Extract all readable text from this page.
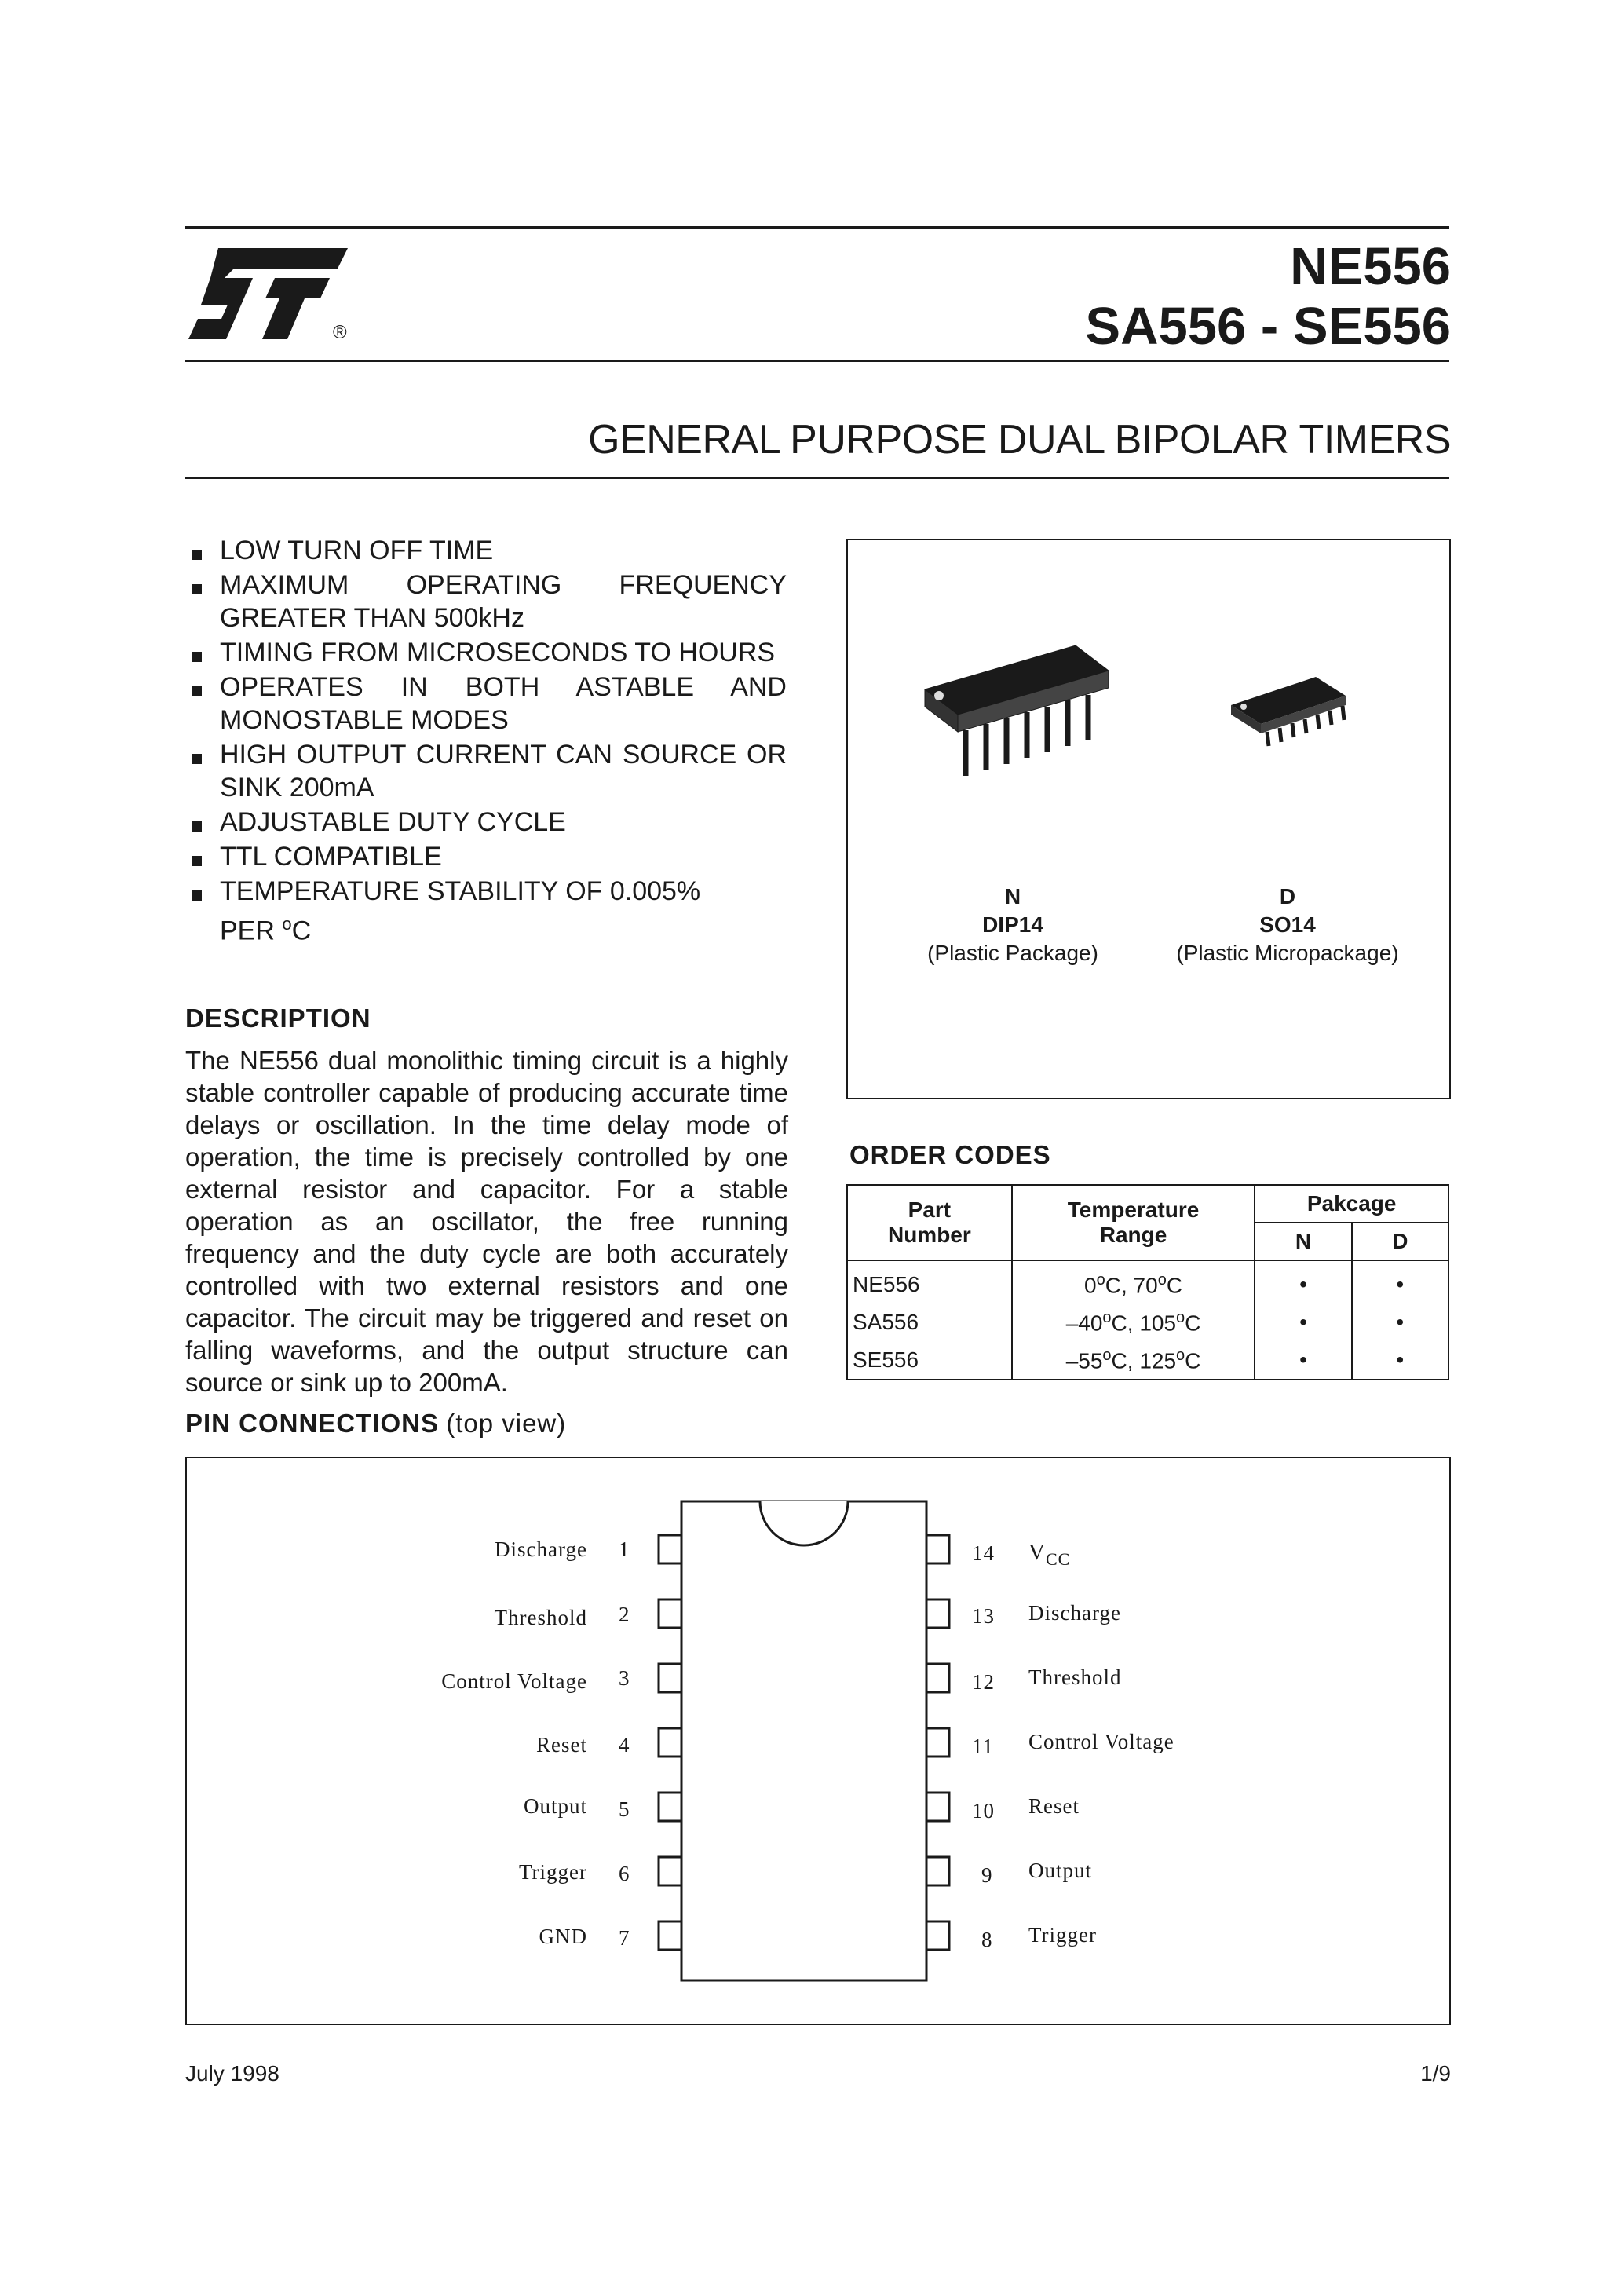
®
NE556
SA556 - SE556
GENERAL PURPOSE DUAL BIPOLAR TIMERS
LOW TURN OFF TIME
MAXIMUM OPERATING FREQUENCY GREATER THAN 500kHz
TIMING FROM MICROSECONDS TO HOURS
OPERATES IN BOTH ASTABLE AND MONOSTABLE MODES
HIGH OUTPUT CURRENT CAN SOURCE OR SINK 200mA
ADJUSTABLE DUTY CYCLE
TTL COMPATIBLE
TEMPERATURE STABILITY OF 0.005%
PER $^o$C
DESCRIPTION
The NE556 dual monolithic timing circuit is a highly stable controller capable of producing accurate time delays or oscillation. In the time delay mode of operation, the time is precisely controlled by one external resistor and capacitor. For a stable operation as an oscillator, the free running frequency and the duty cycle are both accurately controlled with two external resistors and one capacitor. The circuit may be triggered and reset on falling waveforms, and the output structure can source or sink up to 200mA.
N
DIP14
(Plastic Package)
D
SO14
(Plastic Micropackage)
ORDER CODES
Part Number	Temperature Range	Pakcage	
		N	D
NE556	0$^o$C, 70$^o$C	•	•
SA556	–40$^o$C, 105$^o$C	•	•
SE556	–55$^o$C, 125$^o$C	•	•
PIN CONNECTIONS (top view)
Discharge 1
Threshold 2
Control Voltage 3
Reset 4
Output 5
Trigger 6
GND 7
14 $V_{CC}$
13 Discharge
12 Threshold
11 Control Voltage
10 Reset
9 Output
8 Trigger
July 1998	1/9
